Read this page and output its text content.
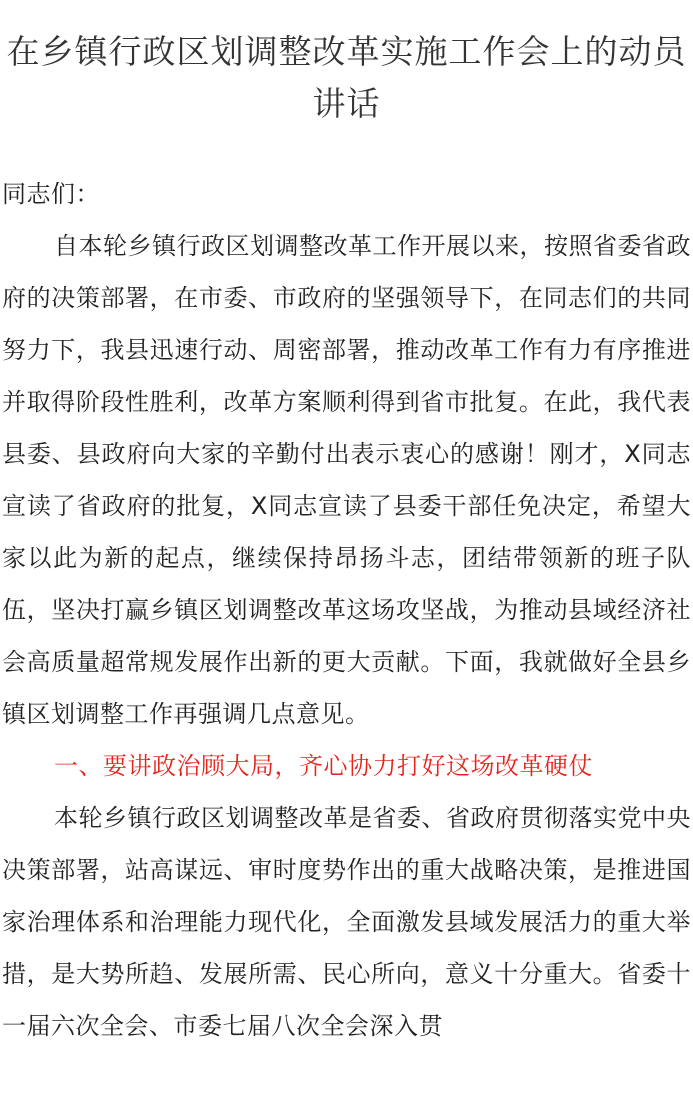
在乡镇行政区划调整改革实施工作会上的动员讲话

同志们：

自本轮乡镇行政区划调整改革工作开展以来，按照省委省政府的决策部署，在市委、市政府的坚强领导下，在同志们的共同努力下，我县迅速行动、周密部署，推动改革工作有力有序推进并取得阶段性胜利，改革方案顺利得到省市批复。在此，我代表县委、县政府向大家的辛勤付出表示衷心的感谢！刚才，X同志宣读了省政府的批复，X同志宣读了县委干部任免决定，希望大家以此为新的起点，继续保持昂扬斗志，团结带领新的班子队伍，坚决打赢乡镇区划调整改革这场攻坚战，为推动县域经济社会高质量超常规发展作出新的更大贡献。下面，我就做好全县乡镇区划调整工作再强调几点意见。

一、要讲政治顾大局，齐心协力打好这场改革硬仗

本轮乡镇行政区划调整改革是省委、省政府贯彻落实党中央决策部署，站高谋远、审时度势作出的重大战略决策，是推进国家治理体系和治理能力现代化，全面激发县域发展活力的重大举措，是大势所趋、发展所需、民心所向，意义十分重大。省委十一届六次全会、市委七届八次全会深入贯
